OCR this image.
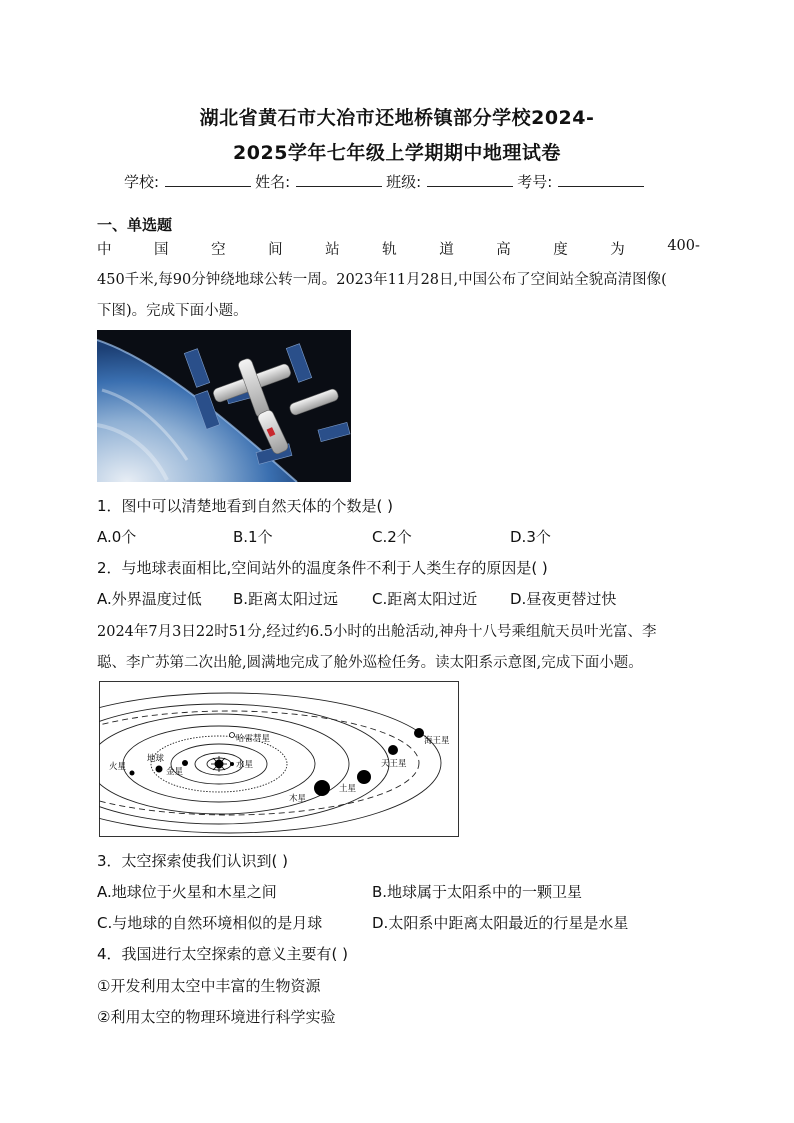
湖北省黄石市大冶市还地桥镇部分学校2024-
2025学年七年级上学期期中地理试卷
学校:	姓名:	班级:	考号:
一、单选题
中	国	空	间	站	轨	道	高	度	为	400-
450千米,每90分钟绕地球公转一周。2023年11月28日,中国公布了空间站全貌高清图像(
下图)。完成下面小题。
1．图中可以清楚地看到自然天体的个数是( )
A.0个	B.1个	C.2个	D.3个
2．与地球表面相比,空间站外的温度条件不利于人类生存的原因是( )
A.外界温度过低 B.距离太阳过远 C.距离太阳过近 D.昼夜更替过快
2024年7月3日22时51分,经过约6.5小时的出舱活动,神舟十八号乘组航天员叶光富、李
聪、李广苏第二次出舱,圆满地完成了舱外巡检任务。读太阳系示意图,完成下面小题。
哈雷彗星
火星
地球
金星
水星	天王星
海王星
土星
木星
3．太空探索使我们认识到( )
A.地球位于火星和木星之间	B.地球属于太阳系中的一颗卫星
C.与地球的自然环境相似的是月球	D.太阳系中距离太阳最近的行星是水星
4．我国进行太空探索的意义主要有( )
①开发利用太空中丰富的生物资源
②利用太空的物理环境进行科学实验
